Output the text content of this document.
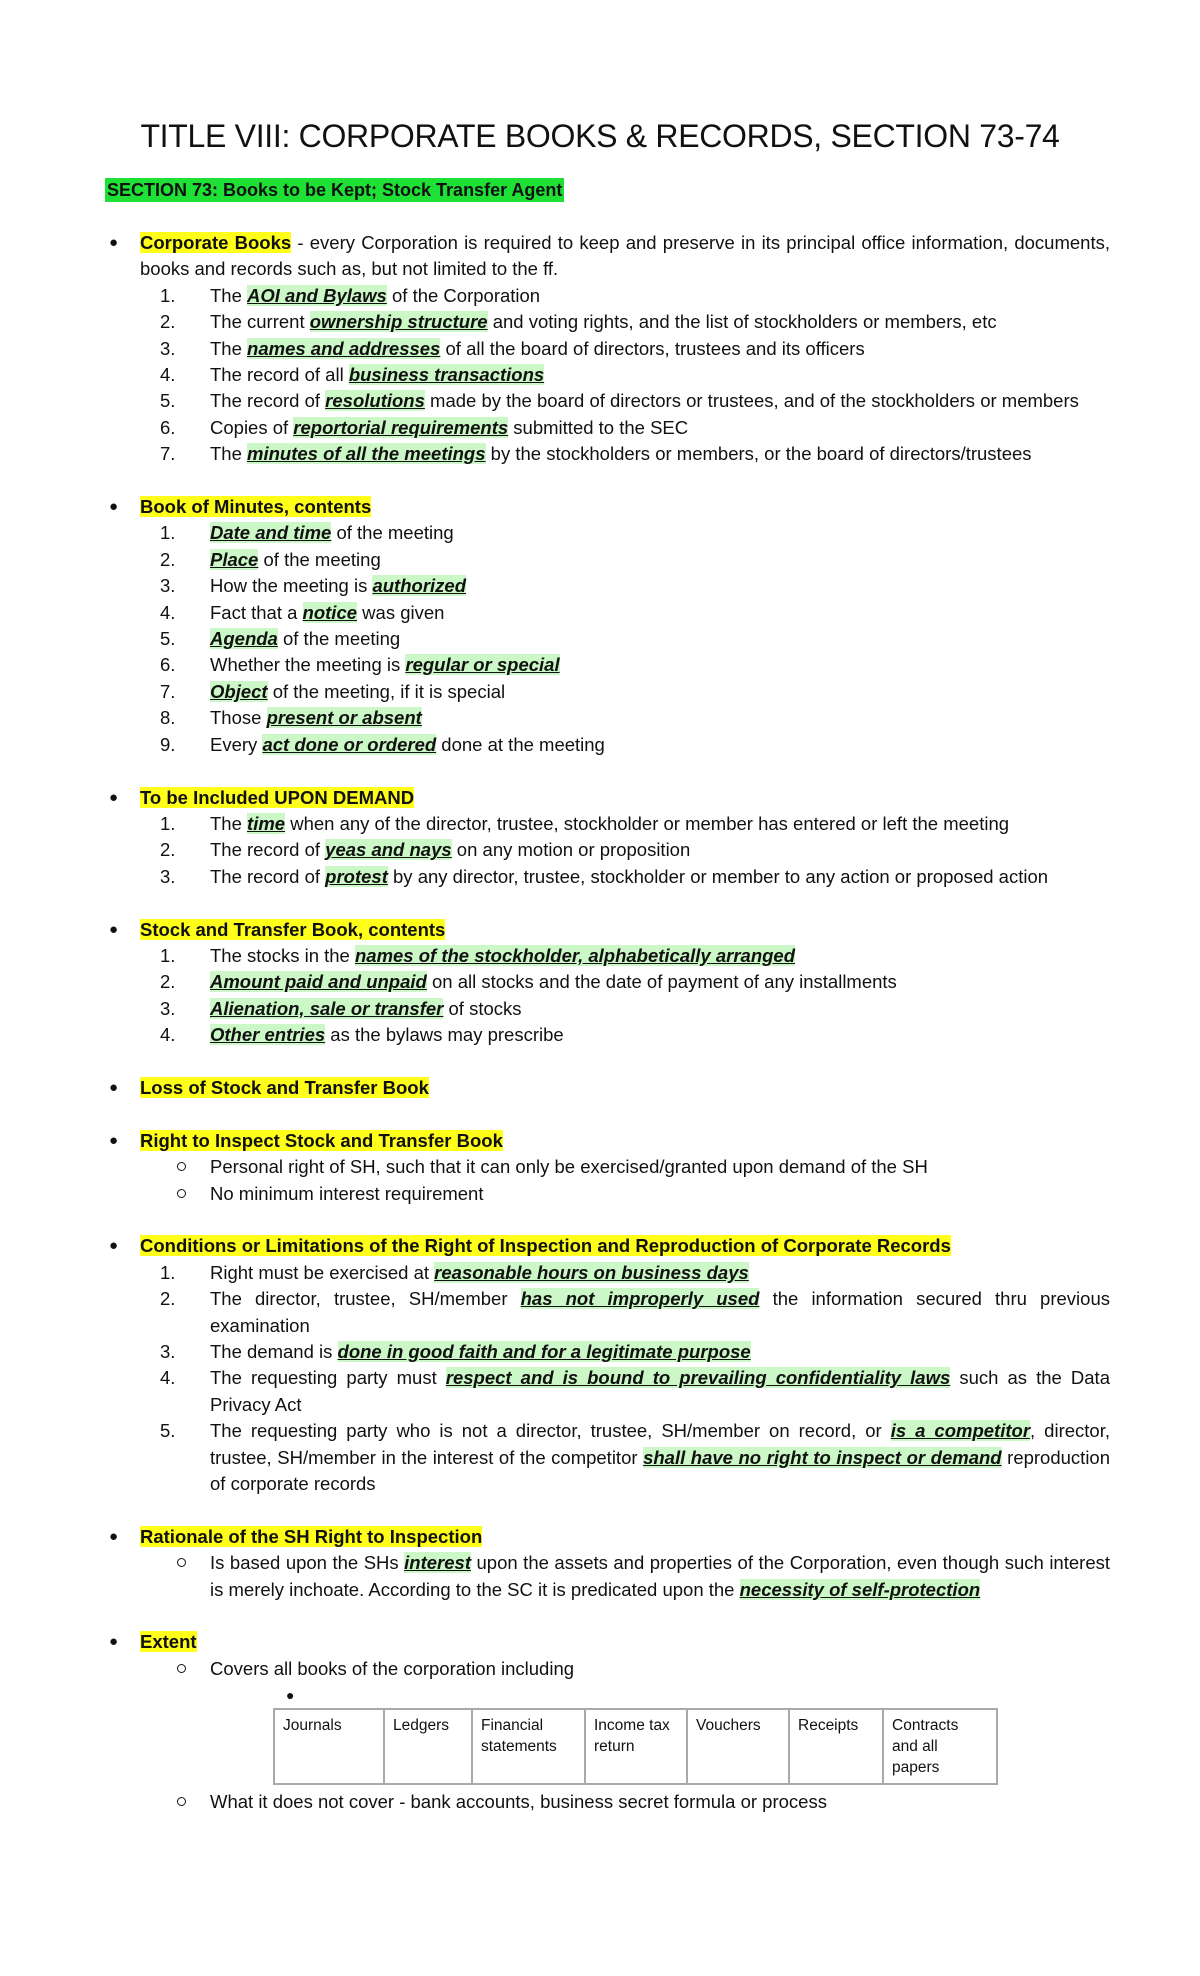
TITLE VIII: CORPORATE BOOKS & RECORDS, SECTION 73-74
SECTION 73: Books to be Kept; Stock Transfer Agent
● Corporate Books - every Corporation is required to keep and preserve in its principal office information, documents, books and records such as, but not limited to the ff.
1.	The AOI and Bylaws of the Corporation
2.	The current ownership structure and voting rights, and the list of stockholders or members, etc
3.	The names and addresses of all the board of directors, trustees and its officers
4.	The record of all business transactions
5.	The record of resolutions made by the board of directors or trustees, and of the stockholders or members
6.	Copies of reportorial requirements submitted to the SEC
7.	The minutes of all the meetings by the stockholders or members, or the board of directors/trustees
● Book of Minutes, contents
1.	Date and time of the meeting
2.	Place of the meeting
3.	How the meeting is authorized
4.	Fact that a notice was given
5.	Agenda of the meeting
6.	Whether the meeting is regular or special
7.	Object of the meeting, if it is special
8.	Those present or absent
9.	Every act done or ordered done at the meeting
● To be Included UPON DEMAND
1.	The time when any of the director, trustee, stockholder or member has entered or left the meeting
2.	The record of yeas and nays on any motion or proposition
3.	The record of protest by any director, trustee, stockholder or member to any action or proposed action
● Stock and Transfer Book, contents
1.	The stocks in the names of the stockholder, alphabetically arranged
2.	Amount paid and unpaid on all stocks and the date of payment of any installments
3.	Alienation, sale or transfer of stocks
4.	Other entries as the bylaws may prescribe
● Loss of Stock and Transfer Book
● Right to Inspect Stock and Transfer Book
Personal right of SH, such that it can only be exercised/granted upon demand of the SH
No minimum interest requirement
● Conditions or Limitations of the Right of Inspection and Reproduction of Corporate Records
1.	Right must be exercised at reasonable hours on business days
2.	The director, trustee, SH/member has not improperly used the information secured thru previous examination
3.	The demand is done in good faith and for a legitimate purpose
4.	The requesting party must respect and is bound to prevailing confidentiality laws such as the Data Privacy Act
5.	The requesting party who is not a director, trustee, SH/member on record, or is a competitor, director, trustee, SH/member in the interest of the competitor shall have no right to inspect or demand reproduction of corporate records
● Rationale of the SH Right to Inspection
Is based upon the SHs interest upon the assets and properties of the Corporation, even though such interest is merely inchoate. According to the SC it is predicated upon the necessity of self-protection
● Extent
Covers all books of the corporation including
●
Journals	Ledgers	Financial statements	Income tax return	Vouchers	Receipts	Contracts and all papers
What it does not cover - bank accounts, business secret formula or process
